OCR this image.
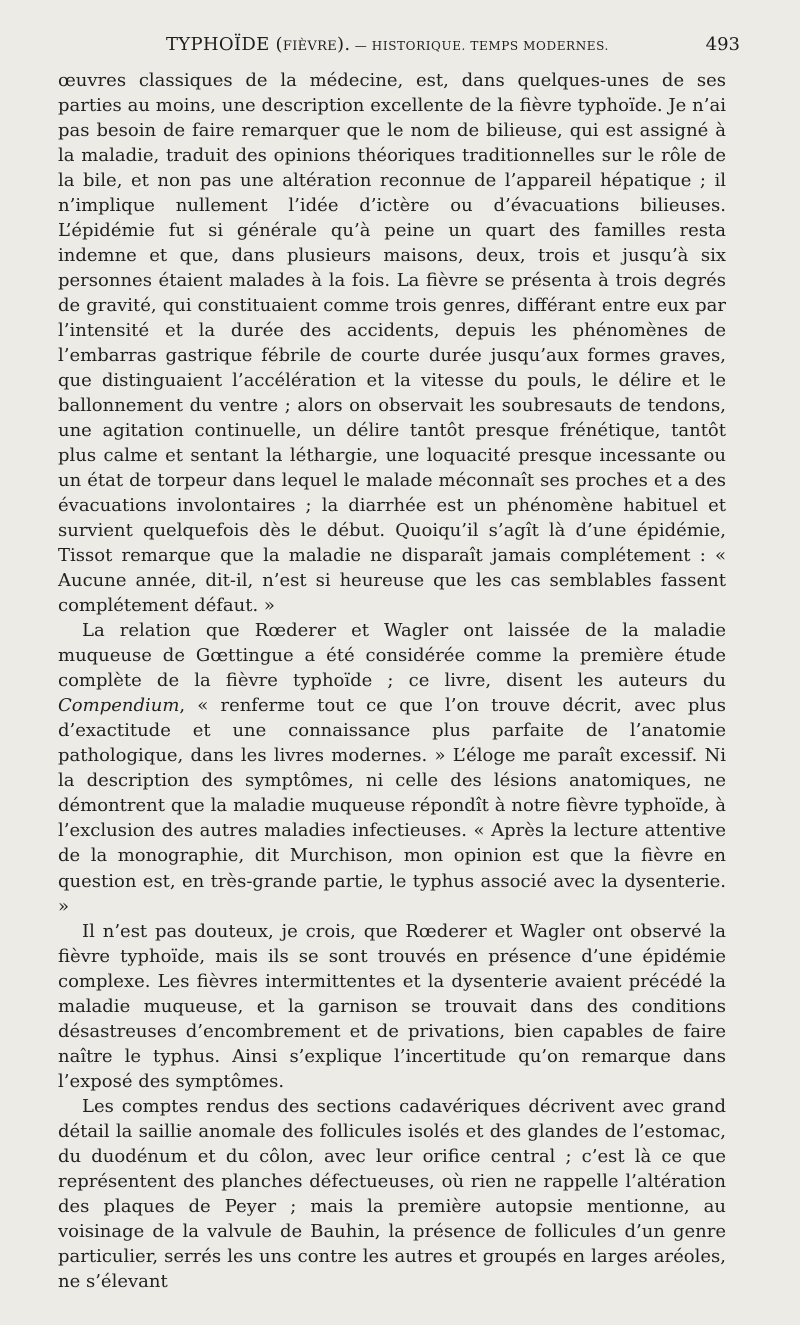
TYPHOÏDE (FIÈVRE). — HISTORIQUE. TEMPS MODERNES.	493

œuvres classiques de la médecine, est, dans quelques-unes de ses parties au moins, une description excellente de la fièvre typhoïde. Je n’ai pas besoin de faire remarquer que le nom de bilieuse, qui est assigné à la maladie, traduit des opinions théoriques traditionnelles sur le rôle de la bile, et non pas une altération reconnue de l’appareil hépatique ; il n’implique nullement l’idée d’ictère ou d’évacuations bilieuses. L’épidémie fut si générale qu’à peine un quart des familles resta indemne et que, dans plusieurs maisons, deux, trois et jusqu’à six personnes étaient malades à la fois. La fièvre se présenta à trois degrés de gravité, qui constituaient comme trois genres, différant entre eux par l’intensité et la durée des accidents, depuis les phénomènes de l’embarras gastrique fébrile de courte durée jusqu’aux formes graves, que distinguaient l’accélération et la vitesse du pouls, le délire et le ballonnement du ventre ; alors on observait les soubresauts de tendons, une agitation continuelle, un délire tantôt presque frénétique, tantôt plus calme et sentant la léthargie, une loquacité presque incessante ou un état de torpeur dans lequel le malade méconnaît ses proches et a des évacuations involontaires ; la diarrhée est un phénomène habituel et survient quelquefois dès le début. Quoiqu’il s’agît là d’une épidémie, Tissot remarque que la maladie ne disparaît jamais complétement : « Aucune année, dit-il, n’est si heureuse que les cas semblables fassent complétement défaut. »

La relation que Rœderer et Wagler ont laissée de la maladie muqueuse de Gœttingue a été considérée comme la première étude complète de la fièvre typhoïde ; ce livre, disent les auteurs du Compendium, « renferme tout ce que l’on trouve décrit, avec plus d’exactitude et une connaissance plus parfaite de l’anatomie pathologique, dans les livres modernes. » L’éloge me paraît excessif. Ni la description des symptômes, ni celle des lésions anatomiques, ne démontrent que la maladie muqueuse répondît à notre fièvre typhoïde, à l’exclusion des autres maladies infectieuses. « Après la lecture attentive de la monographie, dit Murchison, mon opinion est que la fièvre en question est, en très-grande partie, le typhus associé avec la dysenterie. »

Il n’est pas douteux, je crois, que Rœderer et Wagler ont observé la fièvre typhoïde, mais ils se sont trouvés en présence d’une épidémie complexe. Les fièvres intermittentes et la dysenterie avaient précédé la maladie muqueuse, et la garnison se trouvait dans des conditions désastreuses d’encombrement et de privations, bien capables de faire naître le typhus. Ainsi s’explique l’incertitude qu’on remarque dans l’exposé des symptômes.

Les comptes rendus des sections cadavériques décrivent avec grand détail la saillie anomale des follicules isolés et des glandes de l’estomac, du duodénum et du côlon, avec leur orifice central ; c’est là ce que représentent des planches défectueuses, où rien ne rappelle l’altération des plaques de Peyer ; mais la première autopsie mentionne, au voisinage de la valvule de Bauhin, la présence de follicules d’un genre particulier, serrés les uns contre les autres et groupés en larges aréoles, ne s’élevant
